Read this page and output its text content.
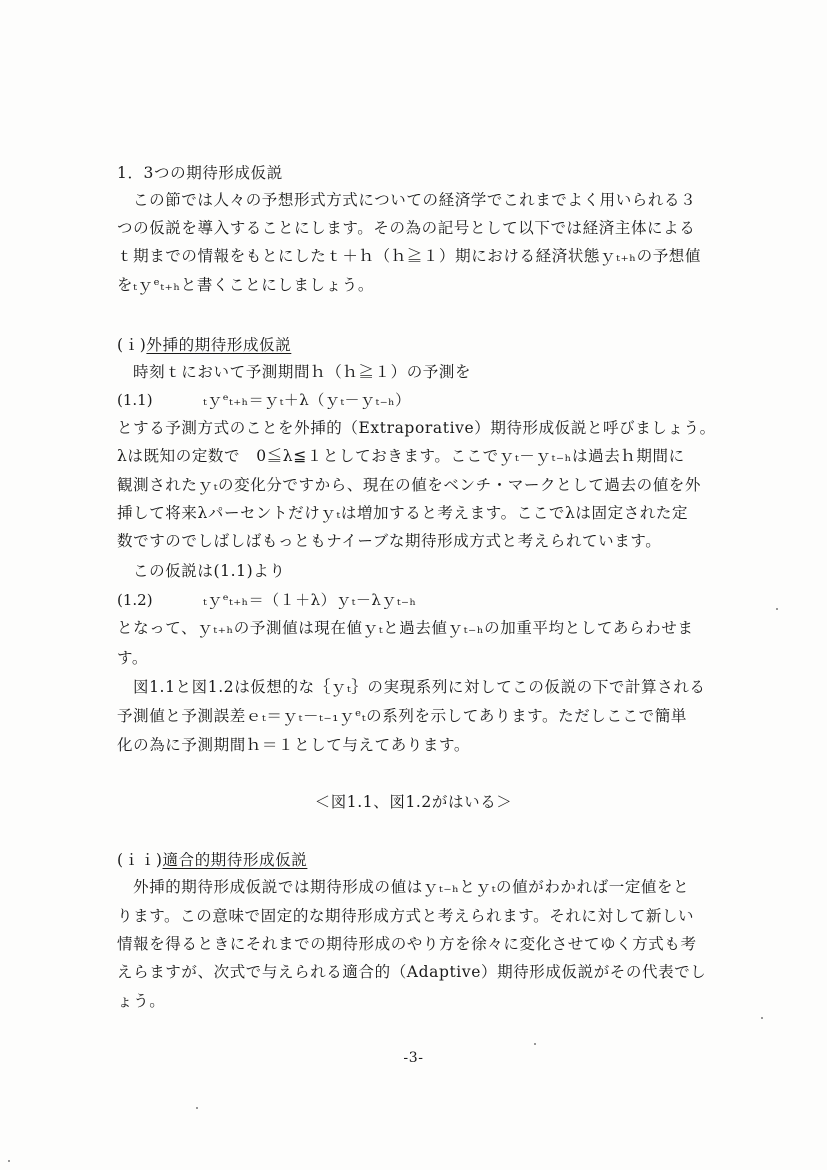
1．3つの期待形成仮説
この節では人々の予想形式方式についての経済学でこれまでよく用いられる３
つの仮説を導入することにします。その為の記号として以下では経済主体による
ｔ期までの情報をもとにしたｔ＋ｈ（ｈ≧１）期における経済状態ｙₜ₊ₕの予想値
をₜｙᵉₜ₊ₕと書くことにしましょう。
(ｉ)外挿的期待形成仮説
時刻ｔにおいて予測期間ｈ（ｈ≧１）の予測を
(1.1)	ₜｙᵉₜ₊ₕ＝ｙₜ＋λ（ｙₜ－ｙₜ₋ₕ）
とする予測方式のことを外挿的（Extraporative）期待形成仮説と呼びましょう。
λは既知の定数で　0≦λ≦１としておきます。ここでｙₜ－ｙₜ₋ₕは過去ｈ期間に
観測されたｙₜの変化分ですから、現在の値をベンチ・マークとして過去の値を外
挿して将来λパーセントだけｙₜは増加すると考えます。ここでλは固定された定
数ですのでしばしばもっともナイーブな期待形成方式と考えられています。
この仮説は(1.1)より
(1.2)	ₜｙᵉₜ₊ₕ＝（１＋λ）ｙₜ－λｙₜ₋ₕ
となって、ｙₜ₊ₕの予測値は現在値ｙₜと過去値ｙₜ₋ₕの加重平均としてあらわせま
す。
図1.1と図1.2は仮想的な｛ｙₜ｝の実現系列に対してこの仮説の下で計算される
予測値と予測誤差ｅₜ＝ｙₜ－ₜ₋₁ｙᵉₜの系列を示してあります。ただしここで簡単
化の為に予測期間ｈ＝１として与えてあります。
＜図1.1、図1.2がはいる＞
(ｉｉ)適合的期待形成仮説
外挿的期待形成仮説では期待形成の値はｙₜ₋ₕとｙₜの値がわかれば一定値をと
ります。この意味で固定的な期待形成方式と考えられます。それに対して新しい
情報を得るときにそれまでの期待形成のやり方を徐々に変化させてゆく方式も考
えらますが、次式で与えられる適合的（Adaptive）期待形成仮説がその代表でし
ょう。
-3-
